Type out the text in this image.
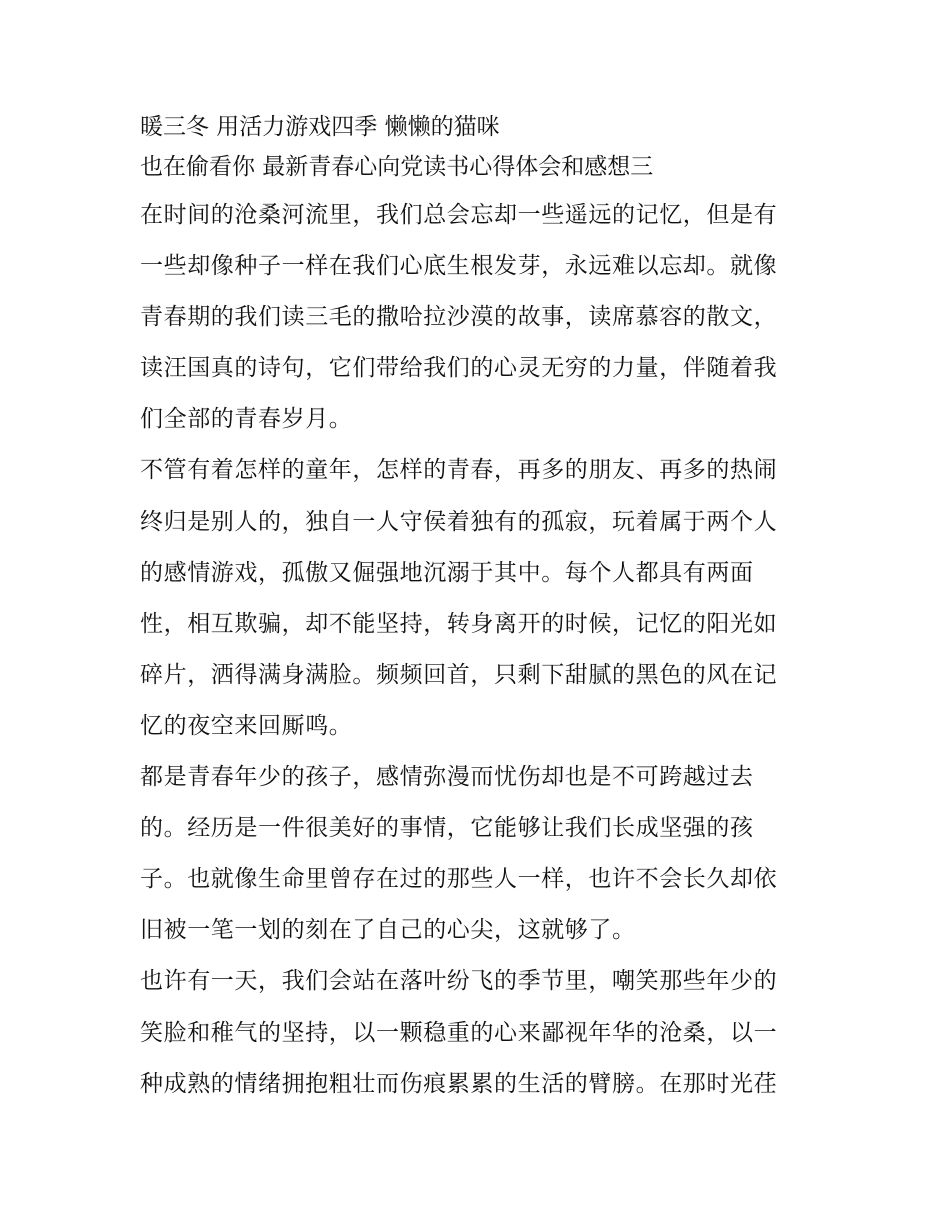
暖三冬 用活力游戏四季 懒懒的猫咪
也在偷看你 最新青春心向党读书心得体会和感想三
在时间的沧桑河流里，我们总会忘却一些遥远的记忆，但是有
一些却像种子一样在我们心底生根发芽，永远难以忘却。就像
青春期的我们读三毛的撒哈拉沙漠的故事，读席慕容的散文，
读汪国真的诗句，它们带给我们的心灵无穷的力量，伴随着我
们全部的青春岁月。
不管有着怎样的童年，怎样的青春，再多的朋友、再多的热闹
终归是别人的，独自一人守侯着独有的孤寂，玩着属于两个人
的感情游戏，孤傲又倔强地沉溺于其中。每个人都具有两面
性，相互欺骗，却不能坚持，转身离开的时候，记忆的阳光如
碎片，洒得满身满脸。频频回首，只剩下甜腻的黑色的风在记
忆的夜空来回厮鸣。
都是青春年少的孩子，感情弥漫而忧伤却也是不可跨越过去
的。经历是一件很美好的事情，它能够让我们长成坚强的孩
子。也就像生命里曾存在过的那些人一样，也许不会长久却依
旧被一笔一划的刻在了自己的心尖，这就够了。
也许有一天，我们会站在落叶纷飞的季节里，嘲笑那些年少的
笑脸和稚气的坚持，以一颗稳重的心来鄙视年华的沧桑，以一
种成熟的情绪拥抱粗壮而伤痕累累的生活的臂膀。在那时光荏
